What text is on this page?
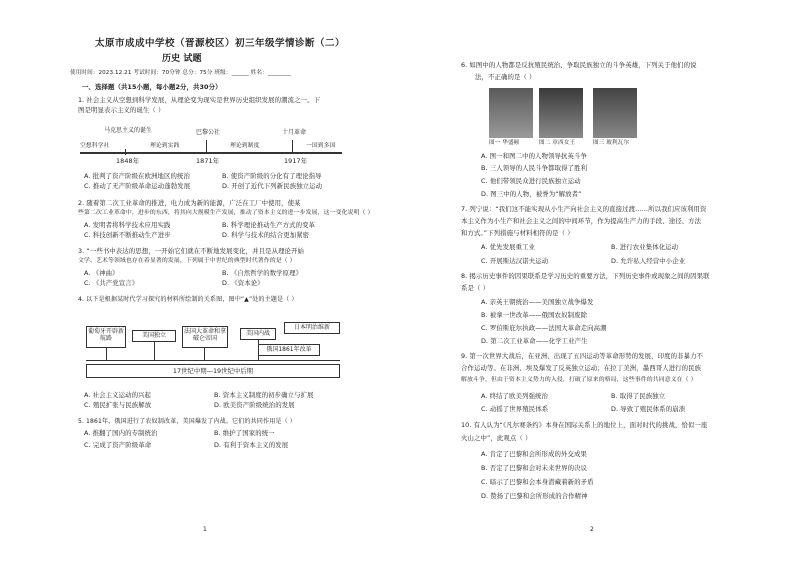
太原市成成中学校（晋源校区）初三年级学情诊断（二）
历史 试题
使用时间：2023.12.21 考试时间：70分钟 总分：75分 班级：______ 姓名：________
一、选择题（共15小题，每小题2分，共30分）
1. 社会主义从空想到科学发展，从理论变为现实是世界历史组织发展的潮流之一。下
图是明显表示主义的诞生（ ）
马克思主义的诞生	巴黎公社	十月革命
空想科学社	理论到实践	理论到制度	一国到多国
1848年	1871年	1917年
A. 批判了资产阶级在欧洲地区的统治	B. 使资产阶级的分化有了理论指导
C. 推动了无产阶级革命运动蓬勃发展	D. 开创了近代下列新民族独立运动
2. 随着第二次工业革命的推进，电力成为新的能源，广泛在工厂中使用，使某
些第二次工业革命中，进步的东西，将其向大规模生产发展，推动了资本主义的进一步发展，这一变化说明（ ）
A. 发明者将科学技术应用实践	B. 科学理论推动生产方式的变革
C. 科技创新不断推动生产进步	D. 科学与技术的结合更加紧密
3. “一些书中表达的思想，一开始它们就在不断地发展变化，并且是从理论开始
文学、艺术等领域也存在着显著的发展，下列属于中世纪的典型时代著作的是（ ）
A. 《神曲》	B. 《自然哲学的数学原理》
C. 《共产党宣言》	D. 《资本论》
4. 以下是根据某时代学习探究的材料所绘制的关系图，图中“▲”处的主题是（ ）
葡萄牙开辟新航路	美国独立
法国大革命和拿破仑帝国
美国内战
日本明治维新
俄国1861年改革
17世纪中期—19世纪中后期
A. 社会主义运动的兴起	B. 资本主义制度的初步确立与扩展
C. 殖民扩张与民族解放	D. 欧美资产阶级统治的发展
5. 1861年，俄国进行了农奴制改革，美国爆发了内战。它们的共同作用是（ ）
A. 推翻了国内的专制统治	B. 维护了国家的统一
C. 完成了资产阶级革命	D. 有利于资本主义的发展
1
6. 如图中的人物都是反抗殖民统治、争取民族独立的斗争英雄，下列关于他们的说
法，不正确的是（ ）
图一 华盛顿	图二 章西女王	图三 玻利瓦尔
A. 图一和图二中的人物领导抗英斗争
B. 三人领导的人民斗争都取得了胜利
C. 他们带领民众进行民族独立运动
D. 图三中的人物，被誉为“解放者”
7. 列宁说：“我们这不能实现从小生产向社会主义的直接过渡……所以我们应该利用资
本主义作为小生产和社会主义之间的中间环节，作为提高生产力的手段、途径、方法
和方式。”下列措施与材料相符的是（ ）
A. 优先发展重工业	B. 进行农业集体化运动
C. 开展斯达汉诺夫运动	D. 允许私人经营中小企业
8. 揭示历史事件的因果联系是学习历史的重要方法，下列历史事件或现象之间的因果联
系是（ ）
A. 亲英王朝统治——美国独立战争爆发
B. 被拿一世改革——俄国农奴制废除
C. 罗伯斯庇尔执政——法国大革命走向高潮
D. 第二次工业革命——化学工业产生
9. 第一次世界大战后，在亚洲、出现了五四运动等革命形势的发展，印度的非暴力不
合作运动等。在非洲、埃及爆发了反英独立运动；在拉丁美洲，墨西哥人进行的民族
解放斗争，但由于资本主义势力的入侵，打破了原来的格局，这些事件的共同意义在（ ）
A. 终结了欧美列强统治	B. 取得了民族独立
C. 动摇了世界殖民体系	D. 导致了殖民体系的崩溃
10. 有人认为“《凡尔赛条约》本身在国际关系上的地位上，面对时代的挑战，恰似一座
火山之中”，此观点（ ）
A. 肯定了巴黎和会所形成的外交成果
B. 否定了巴黎和会对未来世界的决议
C. 暗示了巴黎和会本身潜藏着新的矛盾
D. 赞扬了巴黎和会所形成的合作精神
2
